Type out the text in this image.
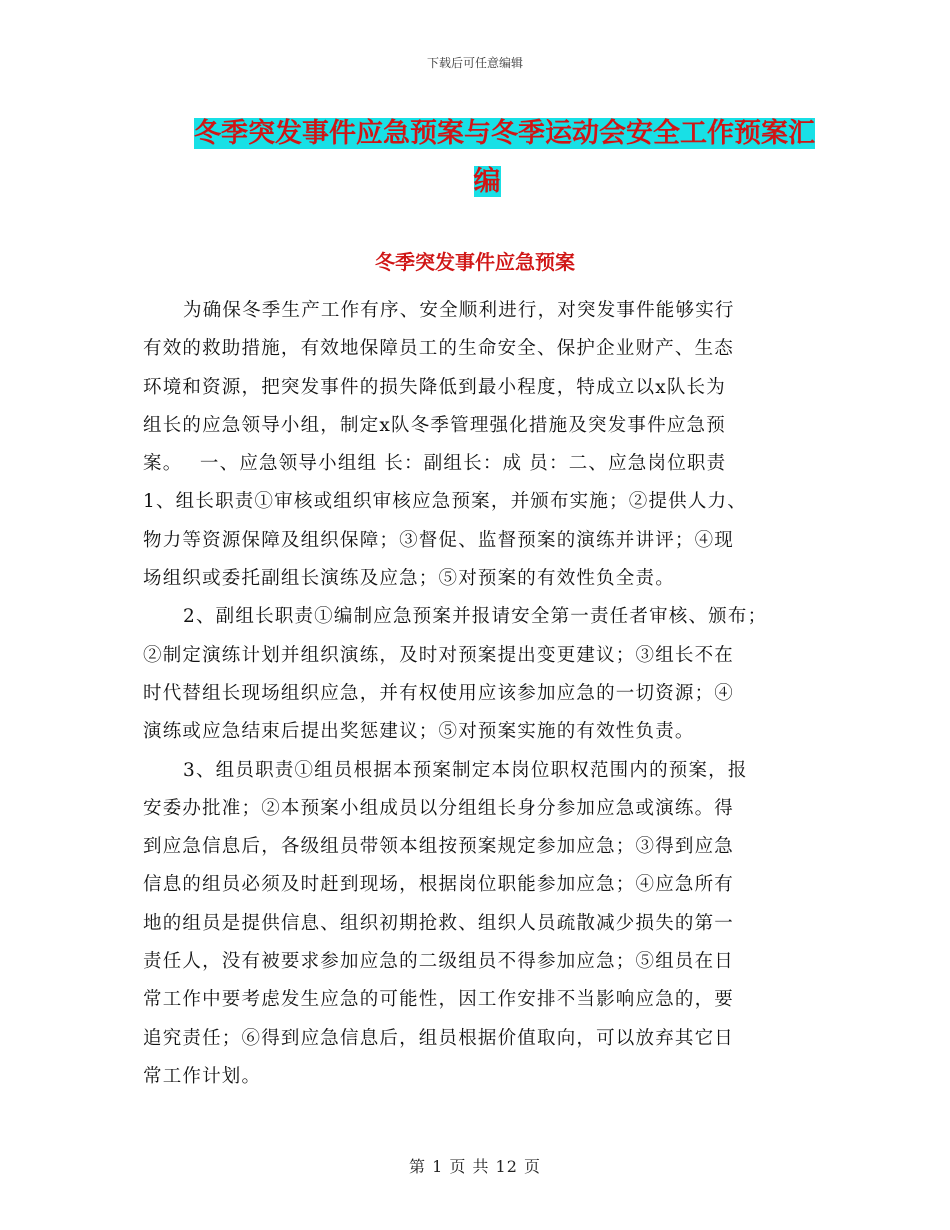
下载后可任意编辑
冬季突发事件应急预案与冬季运动会安全工作预案汇
编
冬季突发事件应急预案

为确保冬季生产工作有序、安全顺利进行，对突发事件能够实行
有效的救助措施，有效地保障员工的生命安全、保护企业财产、生态
环境和资源，把突发事件的损失降低到最小程度，特成立以x队长为
组长的应急领导小组，制定x队冬季管理强化措施及突发事件应急预
案。　 一、应急领导小组组 长：副组长：成 员：二、应急岗位职责
1、组长职责①审核或组织审核应急预案，并颁布实施；②提供人力、
物力等资源保障及组织保障；③督促、监督预案的演练并讲评；④现
场组织或委托副组长演练及应急；⑤对预案的有效性负全责。

2、副组长职责①编制应急预案并报请安全第一责任者审核、颁布；
②制定演练计划并组织演练，及时对预案提出变更建议；③组长不在
时代替组长现场组织应急，并有权使用应该参加应急的一切资源；④
演练或应急结束后提出奖惩建议；⑤对预案实施的有效性负责。

3、组员职责①组员根据本预案制定本岗位职权范围内的预案，报
安委办批准；②本预案小组成员以分组组长身分参加应急或演练。得
到应急信息后，各级组员带领本组按预案规定参加应急；③得到应急
信息的组员必须及时赶到现场，根据岗位职能参加应急；④应急所有
地的组员是提供信息、组织初期抢救、组织人员疏散减少损失的第一
责任人，没有被要求参加应急的二级组员不得参加应急；⑤组员在日
常工作中要考虑发生应急的可能性，因工作安排不当影响应急的，要
追究责任；⑥得到应急信息后，组员根据价值取向，可以放弃其它日
常工作计划。

第 1 页 共 12 页
